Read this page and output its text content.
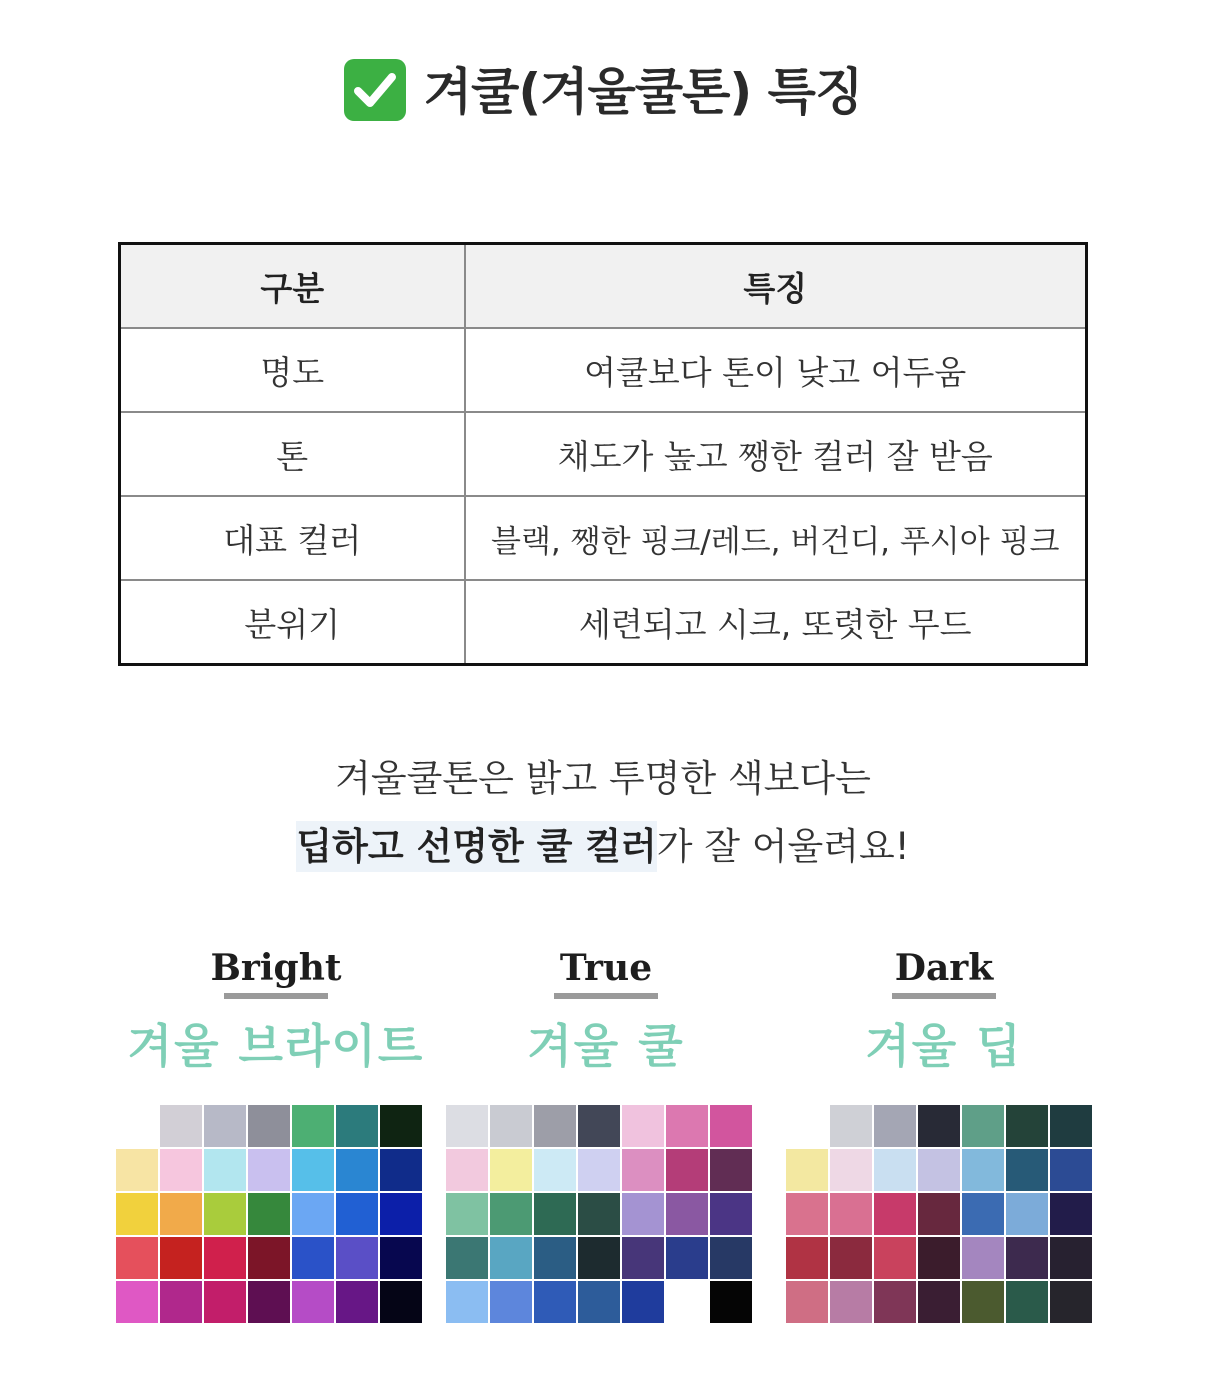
겨쿨(겨울쿨톤) 특징
구분	특징
명도	여쿨보다 톤이 낮고 어두움
톤	채도가 높고 쨍한 컬러 잘 받음
대표 컬러	블랙, 쨍한 핑크/레드, 버건디, 푸시아 핑크
분위기	세련되고 시크, 또렷한 무드
겨울쿨톤은 밝고 투명한 색보다는
딥하고 선명한 쿨 컬러가 잘 어울려요!
Bright
겨울 브라이트
True
겨울 쿨
Dark
겨울 딥
